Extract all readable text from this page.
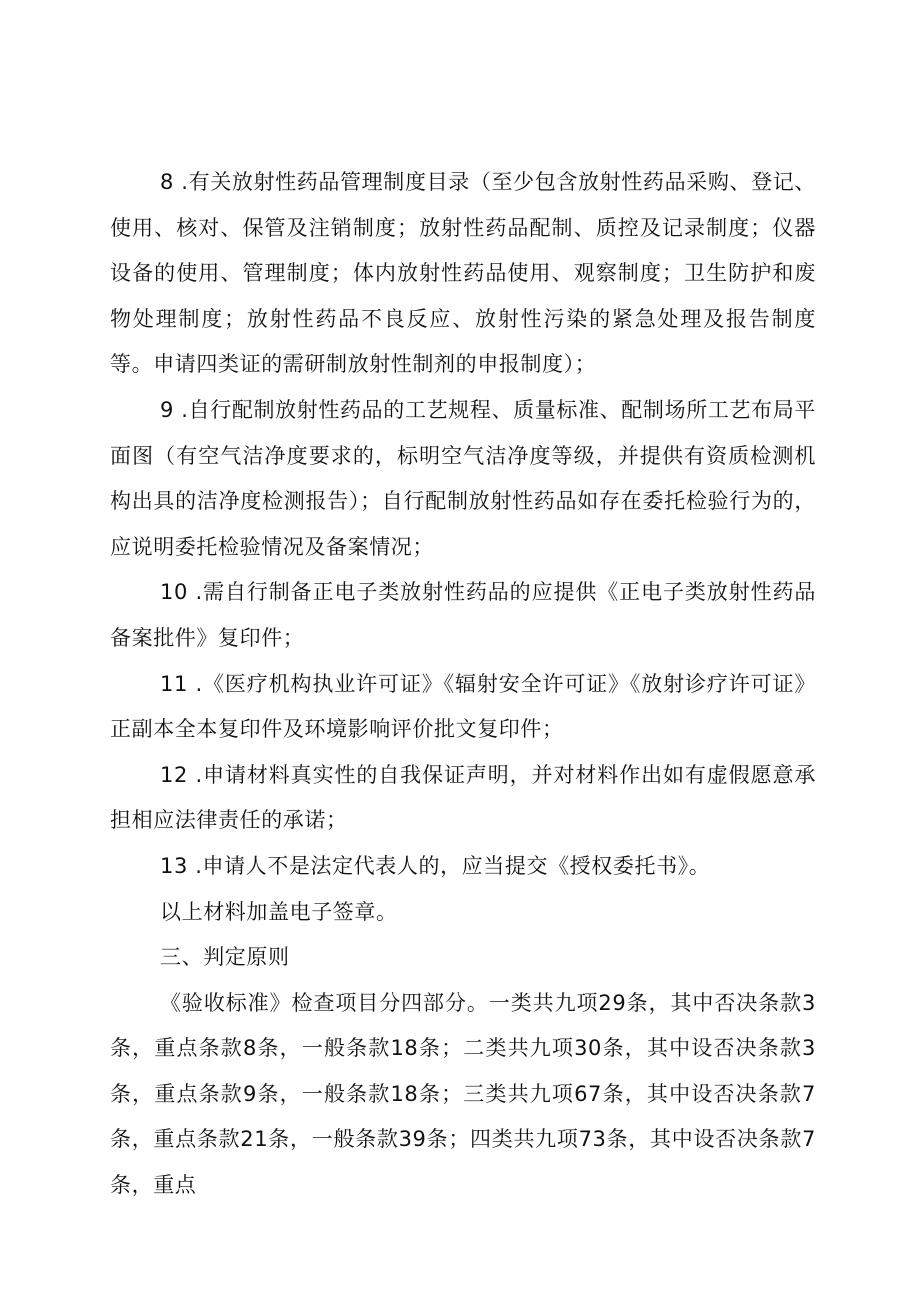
8 .有关放射性药品管理制度目录（至少包含放射性药品采购、登记、使用、核对、保管及注销制度；放射性药品配制、质控及记录制度；仪器设备的使用、管理制度；体内放射性药品使用、观察制度；卫生防护和废物处理制度；放射性药品不良反应、放射性污染的紧急处理及报告制度等。申请四类证的需研制放射性制剂的申报制度）；

9 .自行配制放射性药品的工艺规程、质量标准、配制场所工艺布局平面图（有空气洁净度要求的，标明空气洁净度等级，并提供有资质检测机构出具的洁净度检测报告）；自行配制放射性药品如存在委托检验行为的，应说明委托检验情况及备案情况；

10 .需自行制备正电子类放射性药品的应提供《正电子类放射性药品备案批件》复印件；

11 .《医疗机构执业许可证》《辐射安全许可证》《放射诊疗许可证》正副本全本复印件及环境影响评价批文复印件；

12 .申请材料真实性的自我保证声明，并对材料作出如有虚假愿意承担相应法律责任的承诺；

13 .申请人不是法定代表人的，应当提交《授权委托书》。

以上材料加盖电子签章。

三、判定原则

《验收标准》检查项目分四部分。一类共九项29条，其中否决条款3条，重点条款8条，一般条款18条；二类共九项30条，其中设否决条款3条，重点条款9条，一般条款18条；三类共九项67条，其中设否决条款7条，重点条款21条，一般条款39条；四类共九项73条，其中设否决条款7条，重点
